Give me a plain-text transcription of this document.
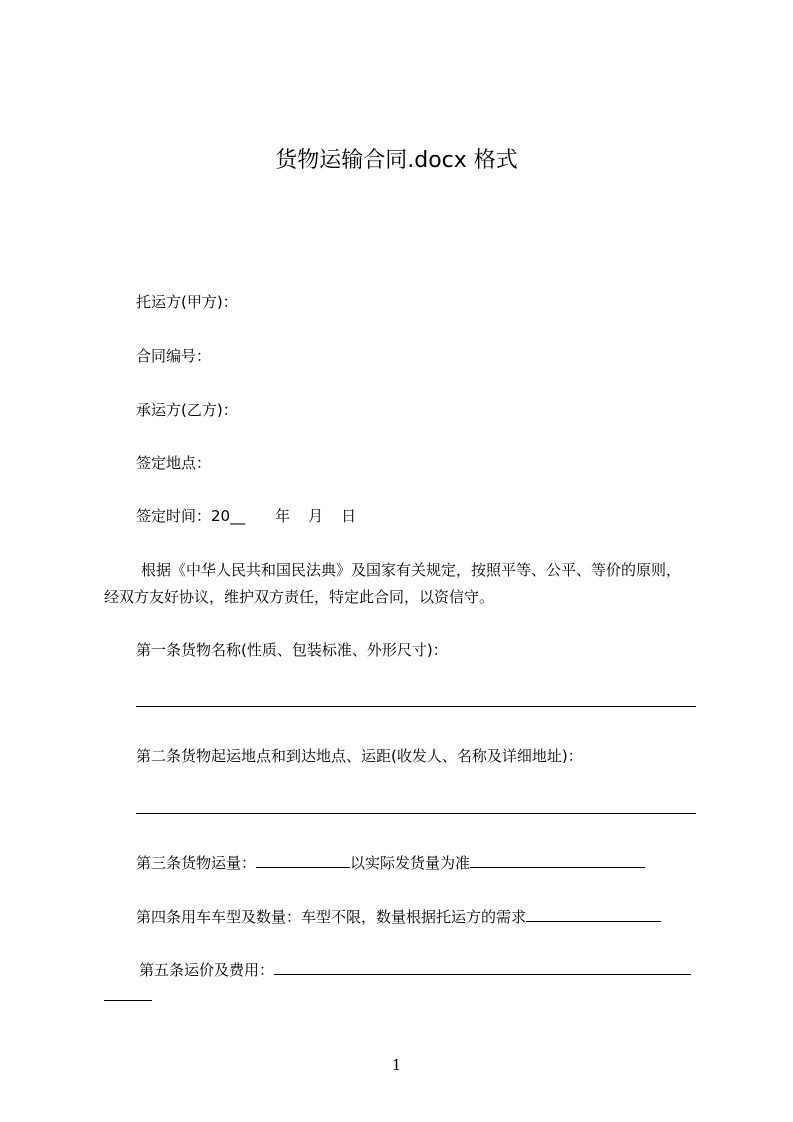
货物运输合同.docx 格式

托运方(甲方)：

合同编号：

承运方(乙方)：

签定地点：

签定时间：20__ 年 月 日

根据《中华人民共和国民法典》及国家有关规定，按照平等、公平、等价的原则，

经双方友好协议，维护双方责任，特定此合同，以资信守。

第一条货物名称(性质、包装标准、外形尺寸)：

第二条货物起运地点和到达地点、运距(收发人、名称及详细地址)：

第三条货物运量：	以实际发货量为准

第四条用车车型及数量：车型不限，数量根据托运方的需求

第五条运价及费用：

1
